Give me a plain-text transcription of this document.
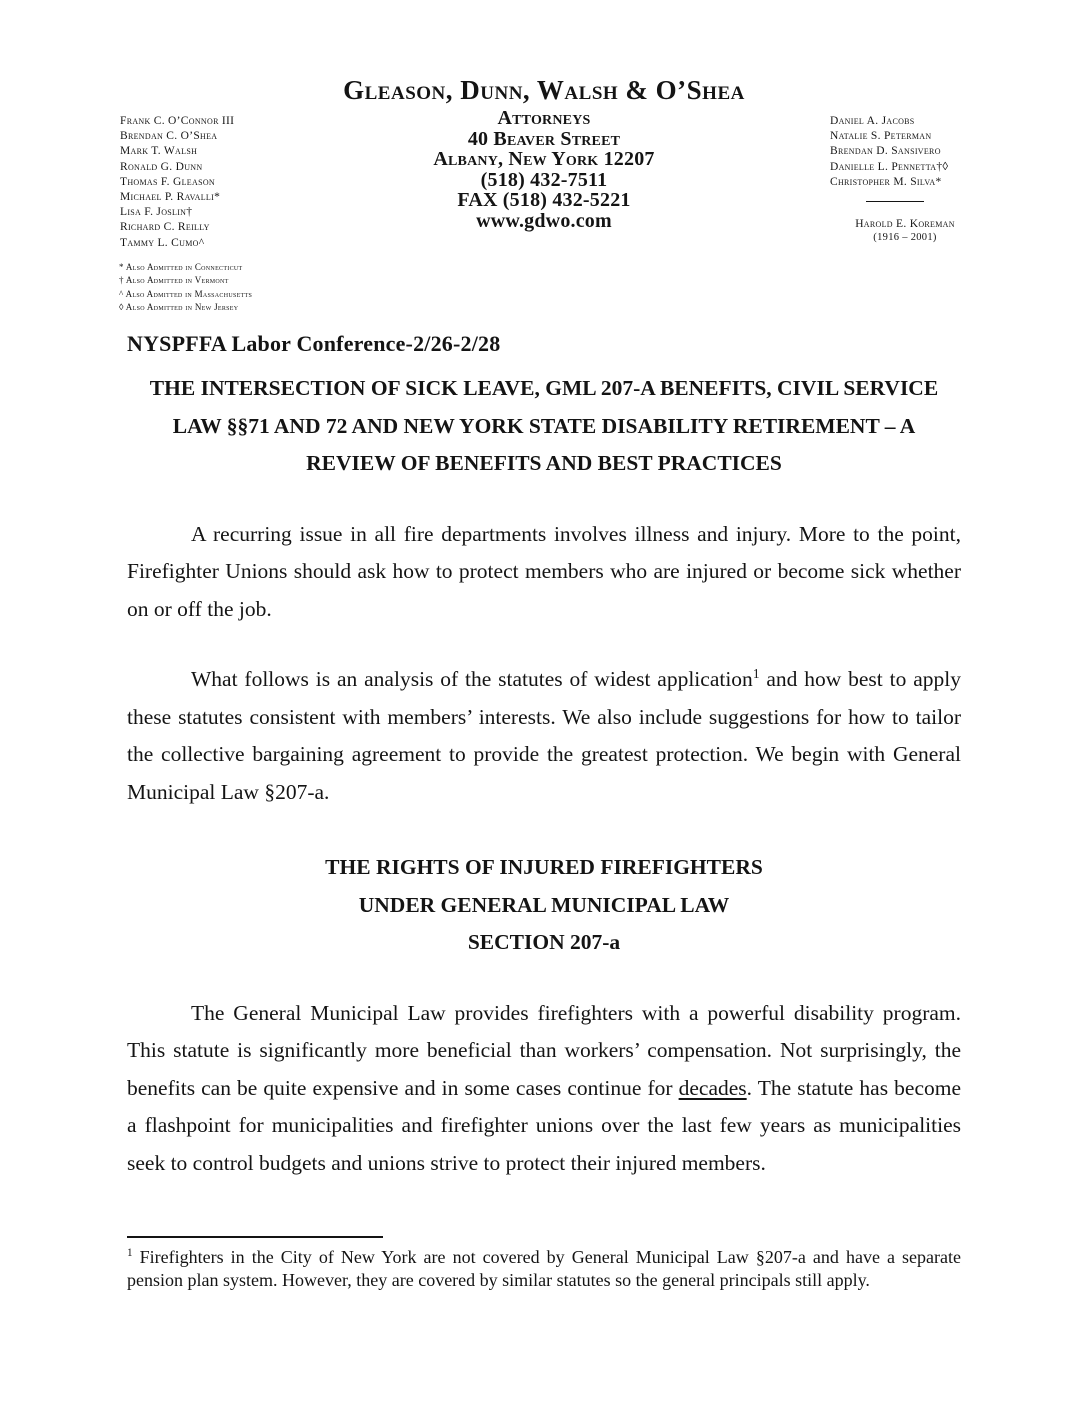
Gleason, Dunn, Walsh & O’Shea
Attorneys
40 Beaver Street
Albany, New York 12207
(518) 432-7511
FAX (518) 432-5221
www.gdwo.com
Frank C. O’Connor III
Brendan C. O’Shea
Mark T. Walsh
Ronald G. Dunn
Thomas F. Gleason
Michael P. Ravalli*
Lisa F. Joslin†
Richard C. Reilly
Tammy L. Cumo^
Daniel A. Jacobs
Natalie S. Peterman
Brendan D. Sansivero
Danielle L. Pennetta†◊
Christopher M. Silva*
Harold E. Koreman
(1916 – 2001)
* Also Admitted in Connecticut
† Also Admitted in Vermont
^ Also Admitted in Massachusetts
◊ Also Admitted in New Jersey
NYSPFFA Labor Conference-2/26-2/28
THE INTERSECTION OF SICK LEAVE, GML 207-A BENEFITS, CIVIL SERVICE
LAW §§71 AND 72 AND NEW YORK STATE DISABILITY RETIREMENT – A
REVIEW OF BENEFITS AND BEST PRACTICES

A recurring issue in all fire departments involves illness and injury. More to the point, Firefighter Unions should ask how to protect members who are injured or become sick whether on or off the job.

What follows is an analysis of the statutes of widest application$^1$ and how best to apply these statutes consistent with members’ interests. We also include suggestions for how to tailor the collective bargaining agreement to provide the greatest protection. We begin with General Municipal Law §207-a.

THE RIGHTS OF INJURED FIREFIGHTERS
UNDER GENERAL MUNICIPAL LAW
SECTION 207-a

The General Municipal Law provides firefighters with a powerful disability program. This statute is significantly more beneficial than workers’ compensation. Not surprisingly, the benefits can be quite expensive and in some cases continue for decades. The statute has become a flashpoint for municipalities and firefighter unions over the last few years as municipalities seek to control budgets and unions strive to protect their injured members.

$^1$ Firefighters in the City of New York are not covered by General Municipal Law §207-a and have a separate pension plan system. However, they are covered by similar statutes so the general principals still apply.
